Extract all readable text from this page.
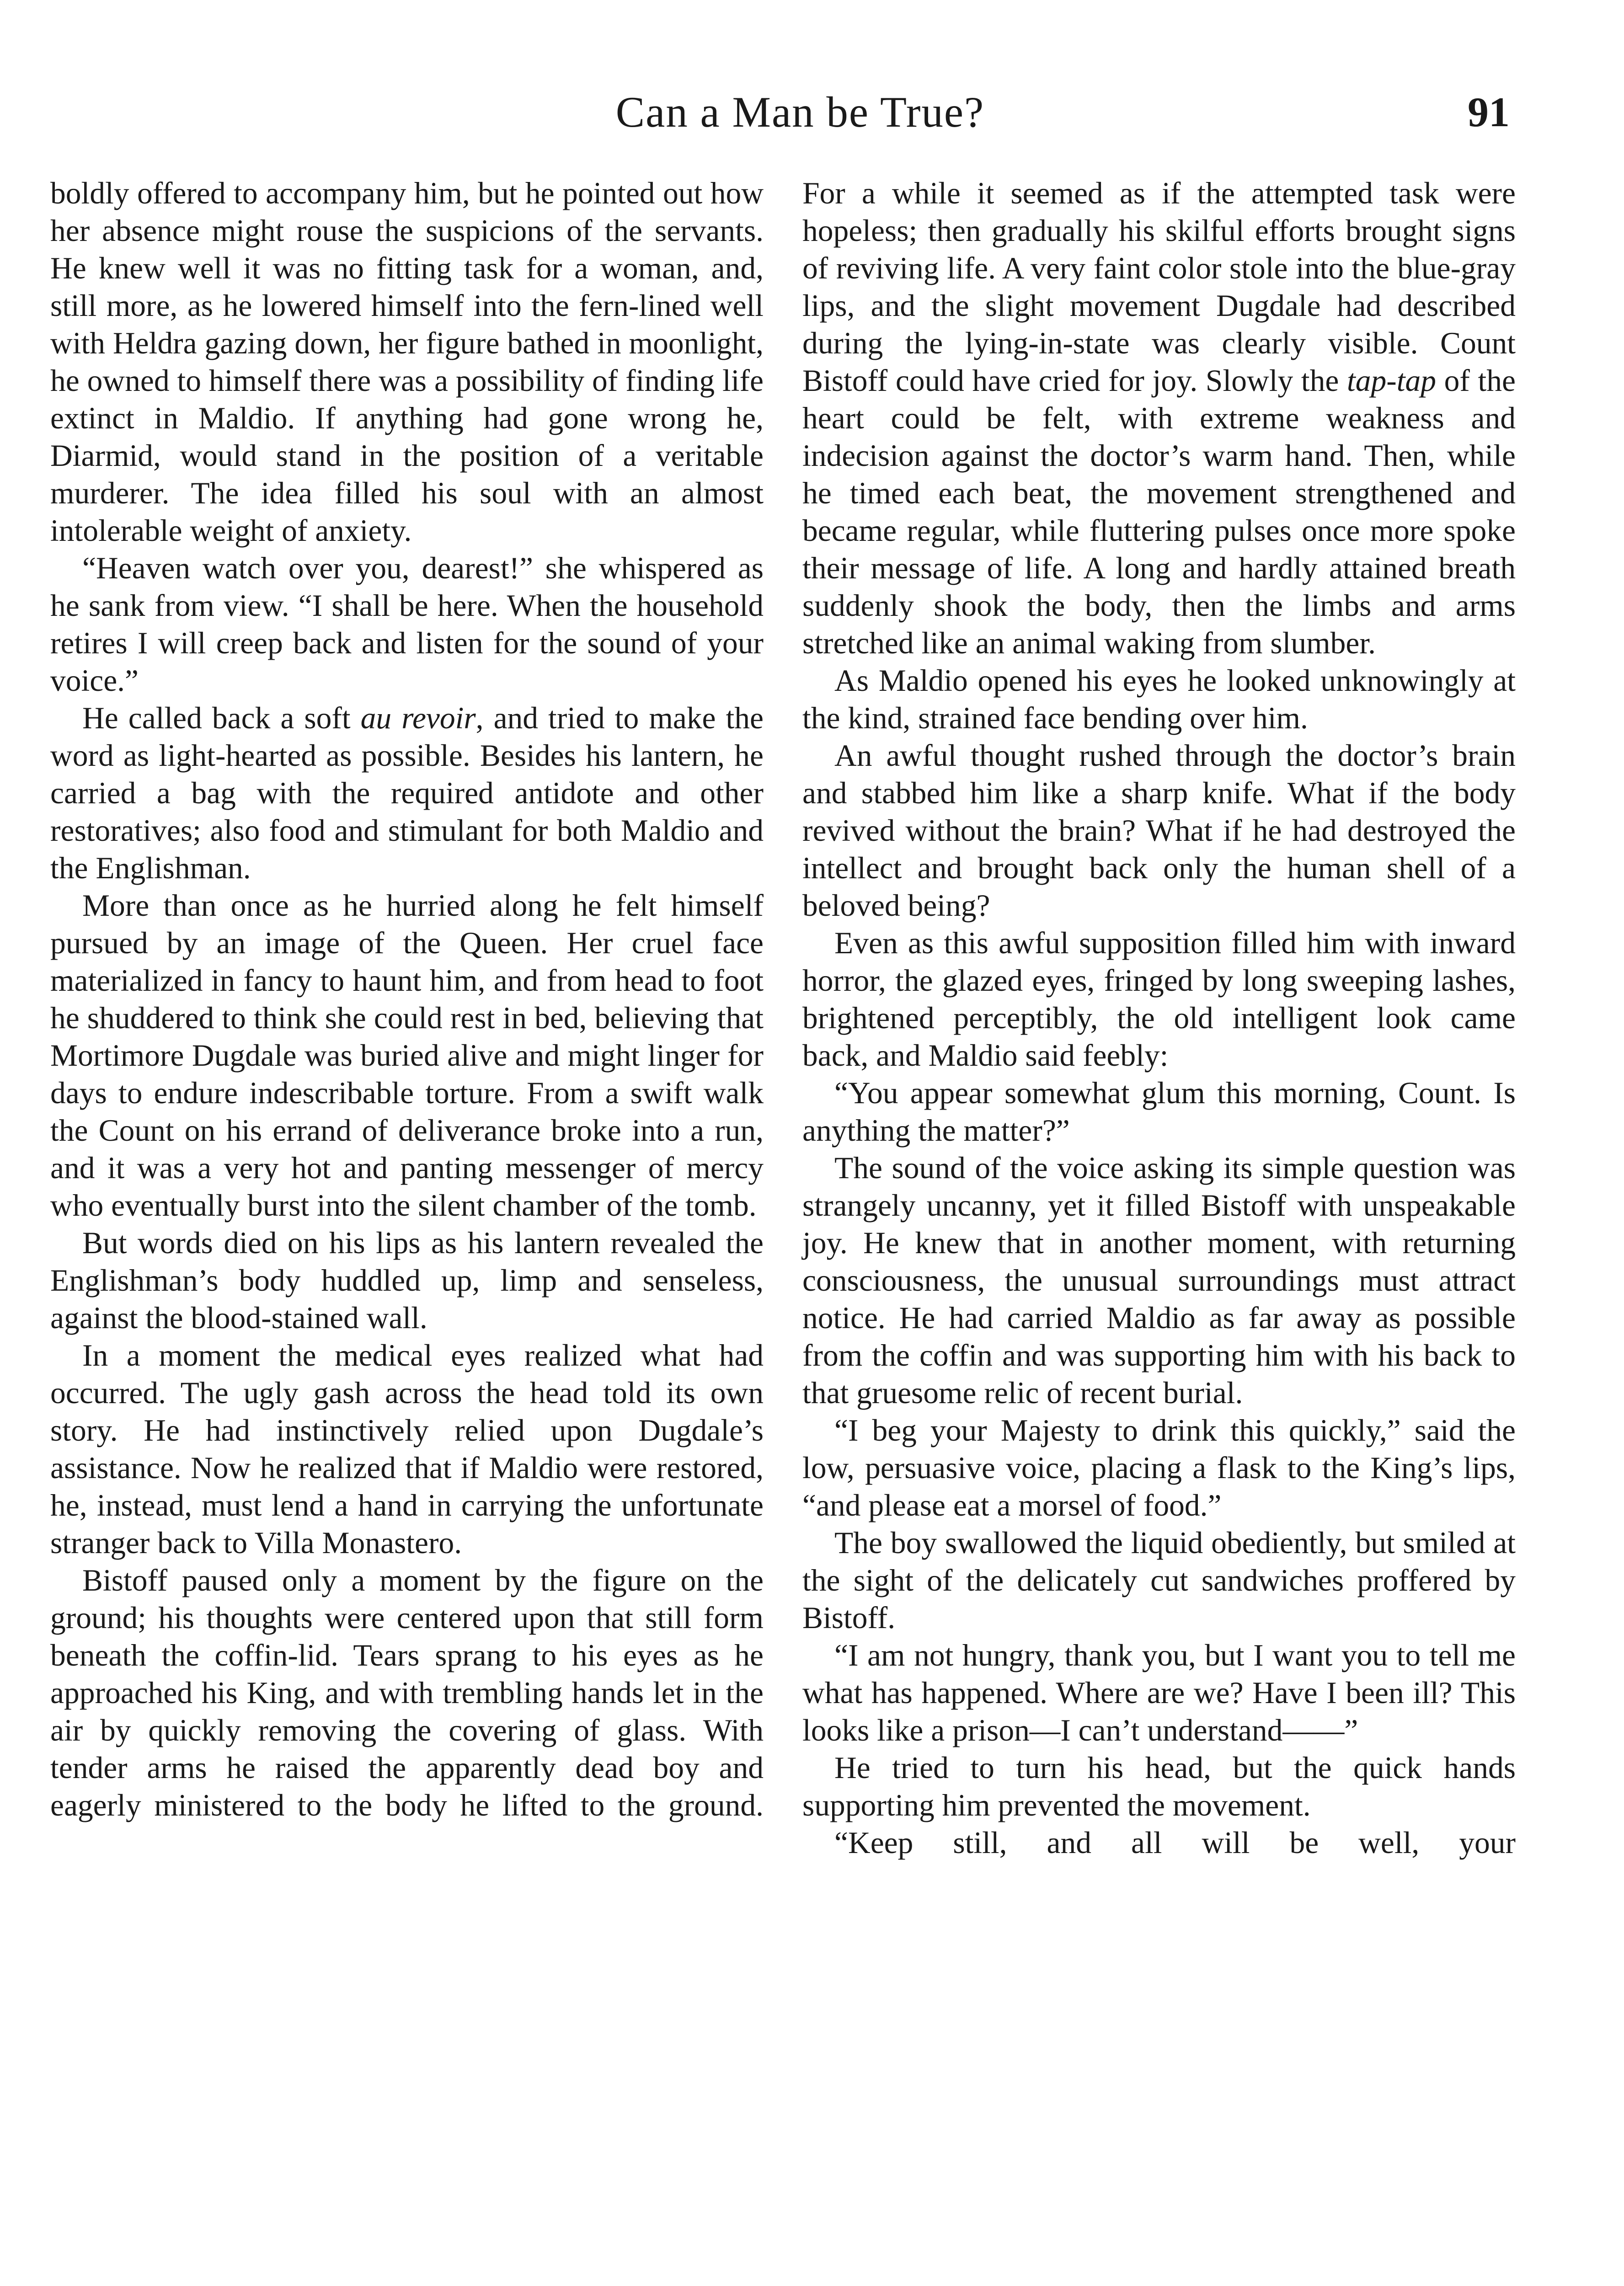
Can a Man be True?	91

boldly offered to accompany him, but he pointed out how her absence might rouse the suspicions of the servants. He knew well it was no fitting task for a woman, and, still more, as he lowered himself into the fern-lined well with Heldra gazing down, her figure bathed in moonlight, he owned to himself there was a possibility of finding life extinct in Maldio. If anything had gone wrong he, Diarmid, would stand in the position of a veritable murderer. The idea filled his soul with an almost intolerable weight of anxiety.

“Heaven watch over you, dearest!” she whispered as he sank from view. “I shall be here. When the household retires I will creep back and listen for the sound of your voice.”

He called back a soft au revoir, and tried to make the word as light-hearted as possible. Besides his lantern, he carried a bag with the required antidote and other restoratives; also food and stimulant for both Maldio and the Englishman.

More than once as he hurried along he felt himself pursued by an image of the Queen. Her cruel face materialized in fancy to haunt him, and from head to foot he shuddered to think she could rest in bed, believing that Mortimore Dugdale was buried alive and might linger for days to endure indescribable torture. From a swift walk the Count on his errand of deliverance broke into a run, and it was a very hot and panting messenger of mercy who eventually burst into the silent chamber of the tomb.

But words died on his lips as his lantern revealed the Englishman’s body huddled up, limp and senseless, against the blood-stained wall.

In a moment the medical eyes realized what had occurred. The ugly gash across the head told its own story. He had instinctively relied upon Dugdale’s assistance. Now he realized that if Maldio were restored, he, instead, must lend a hand in carrying the unfortunate stranger back to Villa Monastero.

Bistoff paused only a moment by the figure on the ground; his thoughts were centered upon that still form beneath the coffin-lid. Tears sprang to his eyes as he approached his King, and with trembling hands let in the air by quickly removing the covering of glass. With tender arms he raised the apparently dead boy and eagerly ministered to the body he lifted to the ground.

For a while it seemed as if the attempted task were hopeless; then gradually his skilful efforts brought signs of reviving life. A very faint color stole into the blue-gray lips, and the slight movement Dugdale had described during the lying-in-state was clearly visible. Count Bistoff could have cried for joy. Slowly the tap-tap of the heart could be felt, with extreme weakness and indecision against the doctor’s warm hand. Then, while he timed each beat, the movement strengthened and became regular, while fluttering pulses once more spoke their message of life. A long and hardly attained breath suddenly shook the body, then the limbs and arms stretched like an animal waking from slumber.

As Maldio opened his eyes he looked unknowingly at the kind, strained face bending over him.

An awful thought rushed through the doctor’s brain and stabbed him like a sharp knife. What if the body revived without the brain? What if he had destroyed the intellect and brought back only the human shell of a beloved being?

Even as this awful supposition filled him with inward horror, the glazed eyes, fringed by long sweeping lashes, brightened perceptibly, the old intelligent look came back, and Maldio said feebly:

“You appear somewhat glum this morning, Count. Is anything the matter?”

The sound of the voice asking its simple question was strangely uncanny, yet it filled Bistoff with unspeakable joy. He knew that in another moment, with returning consciousness, the unusual surroundings must attract notice. He had carried Maldio as far away as possible from the coffin and was supporting him with his back to that gruesome relic of recent burial.

“I beg your Majesty to drink this quickly,” said the low, persuasive voice, placing a flask to the King’s lips, “and please eat a morsel of food.”

The boy swallowed the liquid obediently, but smiled at the sight of the delicately cut sandwiches proffered by Bistoff.

“I am not hungry, thank you, but I want you to tell me what has happened. Where are we? Have I been ill? This looks like a prison—I can’t understand——”

He tried to turn his head, but the quick hands supporting him prevented the movement.

“Keep still, and all will be well, your
